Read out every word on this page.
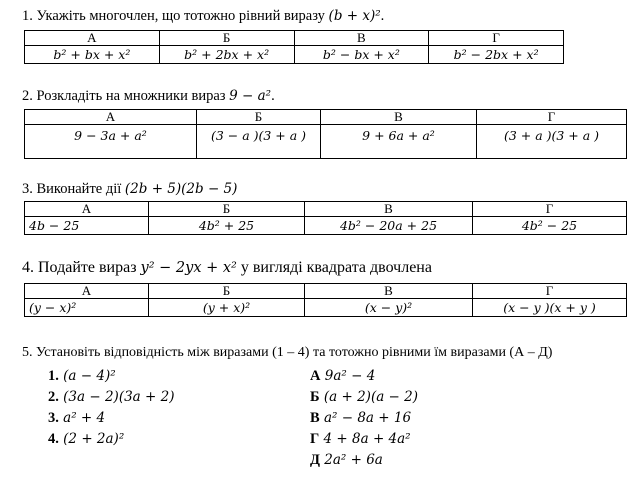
1. Укажіть многочлен, що тотожно рівний виразу (b + x)².
А	Б	В	Г
b² + bx + x²	b² + 2bx + x²	b² − bx + x²	b² − 2bx + x²
2. Розкладіть на множники вираз 9 − a².
А	Б	В	Г
9 − 3a + a²	(3 − a )(3 + a )	9 + 6a + a²	(3 + a )(3 + a )
3. Виконайте дії (2b + 5)(2b − 5)
А	Б	В	Г
4b − 25	4b² + 25	4b² − 20a + 25	4b² − 25
4. Подайте вираз y² − 2yx + x² у вигляді квадрата двочлена
А	Б	В	Г
(y − x)²	(y + x)²	(x − y)²	(x − y )(x + y )
5. Установіть відповідність між виразами (1 – 4) та тотожно рівними їм виразами (А – Д)
1. (a − 4)²
2. (3a − 2)(3a + 2)
3. a² + 4
4. (2 + 2a)²
А 9a² − 4
Б (a + 2)(a − 2)
В a² − 8a + 16
Г 4 + 8a + 4a²
Д 2a² + 6a
